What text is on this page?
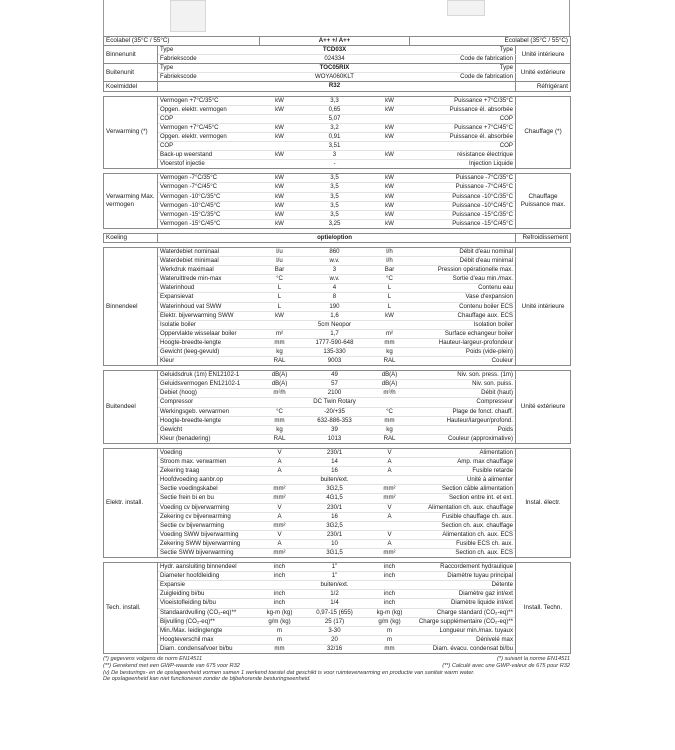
Ecolabel (35°C / 55°C)			A++ +/ A++		Ecolabel (35°C / 55°C)	
Binnenunit	Type		TCD03X		Type	Unité intérieure
	Fabriekscode		024334		Code de fabrication	
Buitenunit	Type		TOC05RIX		Type	Unité extérieure
	Fabriekscode		WOYA060KLT		Code de fabrication	
Koelmiddel			R32			Réfrigérant

Verwarming (*)	Vermogen +7°C/35°C	kW	3,3	kW	Puissance +7°C/35°C	Chauffage (*)
	Opgen. elektr. vermogen	kW	0,65	kW	Puissance él. absorbée	
	COP		5,07		COP	
	Vermogen +7°C/45°C	kW	3,2	kW	Puissance +7°C/45°C	
	Opgen. elektr. vermogen	kW	0,91	kW	Puissance él. absorbée	
	COP		3,51		COP	
	Back-up weerstand	kW	3	kW	résistance électrique	
	Vloerstof injectie		-		Injection Liquide	

Verwarming Max. vermogen	Vermogen -7°C/35°C	kW	3,5	kW	Puissance -7°C/35°C	Chauffage Puissance max.
	Vermogen -7°C/45°C	kW	3,5	kW	Puissance -7°C/45°C	
	Vermogen -10°C/35°C	kW	3,5	kW	Puissance -10°C/35°C	
	Vermogen -10°C/45°C	kW	3,5	kW	Puissance -10°C/45°C	
	Vermogen -15°C/35°C	kW	3,5	kW	Puissance -15°C/35°C	
	Vermogen -15°C/45°C	kW	3,25	kW	Puissance -15°C/45°C	

Koeling			optie/option			Refroidissement

Binnendeel	Waterdebiet nominaal	l/u	860	l/h	Débit d'eau nominal	Unité intérieure
	Waterdebiet minimaal	l/u	w.v.	l/h	Débit d'eau minimal	
	Werkdruk maximaal	Bar	3	Bar	Pression opérationelle max.	
	Wateruittrede min-max	°C	w.v.	°C	Sortie d'eau min./max.	
	Waterinhoud	L	4	L	Contenu eau	
	Expansievat	L	8	L	Vase d'expansion	
	Waterinhoud vat SWW	L	190	L	Contenu boiler ECS	
	Elektr. bijverwarming SWW	kW	1,6	kW	Chauffage aux. ECS	
	Isolatie boiler		5cm Neopor		Isolation boiler	
	Oppervlakte wisselaar boiler	m²	1,7	m²	Surface echangeur boiler	
	Hoogte-breedte-lengte	mm	1777-590-648	mm	Hauteur-largeur-profondeur	
	Gewicht (leeg-gevuld)	kg	135-330	kg	Poids (vide-plein)	
	Kleur	RAL	9003	RAL	Couleur	

Buitendeel	Geluidsdruk (1m) EN12102-1	dB(A)	49	dB(A)	Niv. son. press. (1m)	Unité extérieure
	Geluidsvermogen EN12102-1	dB(A)	57	dB(A)	Niv. son. puiss.	
	Debiet (hoog)	m³/h	2100	m³/h	Débit (haut)	
	Compressor		DC Twin Rotary		Compresseur	
	Werkingsgeb. verwarmen	°C	-20/+35	°C	Plage de fonct. chauff.	
	Hoogte-breedte-lengte	mm	632-886-353	mm	Hauteur/largeur/profond.	
	Gewicht	kg	39	kg	Poids	
	Kleur (benadering)	RAL	1013	RAL	Couleur (approximative)	

Elektr. install.	Voeding	V	230/1	V	Alimentation	Instal. électr.
	Stroom max. verwarmen	A	14	A	Amp. max chauffage	
	Zekering traag	A	16	A	Fusible retarde	
	Hoofdvoeding aanbr.op		buiten/ext.		Unité à alimenter	
	Sectie voedingskabel	mm²	3G2,5	mm²	Section câble alimentation	
	Sectie frein bi en bu	mm²	4G1,5	mm²	Section entre int. et ext.	
	Voeding cv bijverwarming	V	230/1	V	Alimentation ch. aux. chauffage	
	Zekering cv bijverwarming	A	16	A	Fusible chauffage ch. aux.	
	Sectie cv bijverwarming	mm²	3G2,5		Section ch. aux. chauffage	
	Voeding SWW bijverwarming	V	230/1	V	Alimentation ch. aux. ECS	
	Zekering SWW bijverwarming	A	10	A	Fusible ECS ch. aux.	
	Sectie SWW bijverwarming	mm²	3G1,5	mm²	Section ch. aux. ECS	

Tech. install.	Hydr. aansluiting binnendeel	inch	1"	inch	Raccordement hydraulique	Install. Techn.
	Diameter hoofdleiding	inch	1"	inch	Diamètre tuyau principal	
	Expansie		buiten/ext.		Détente	
	Zuigleiding bi/bu	inch	1/2	inch	Diamètre gaz int/ext	
	Vloeistofleiding bi/bu	inch	1/4	inch	Diamètre liquide int/ext	
	Standaardvulling (CO₂-eq)**	kg-m (kg)	0,97-15 (655)	kg-m (kg)	Charge standard (CO₂-eq)**	
	Bijvulling (CO₂-eq)**	g/m (kg)	25 (17)	g/m (kg)	Charge supplémentaire (CO₂-eq)**	
	Min./Max. leidinglengte	m	3-30	m	Longueur min./max. tuyaux	
	Hoogteverschil max	m	20	m	Dénivelé max	
	Diam. condensafvoer bi/bu	mm	32/16	mm	Diam. évacu. condensat bi/bu	
(*) gegevens volgens de norm EN14511	(*) suivant la norme EN14511
(**) Gerekend met een GWP-waarde van 675 voor R32	(**) Calculé avec une GWP-valeur de 675 pour R32
(v) De besturings- en de opslageenheid vormen samen 1 werkend toestel dat geschikt is voor ruimteverwarming en productie van sanitair warm water.
De opslageenheid kan niet functioneren zonder de bijbehorende besturingseenheid.
